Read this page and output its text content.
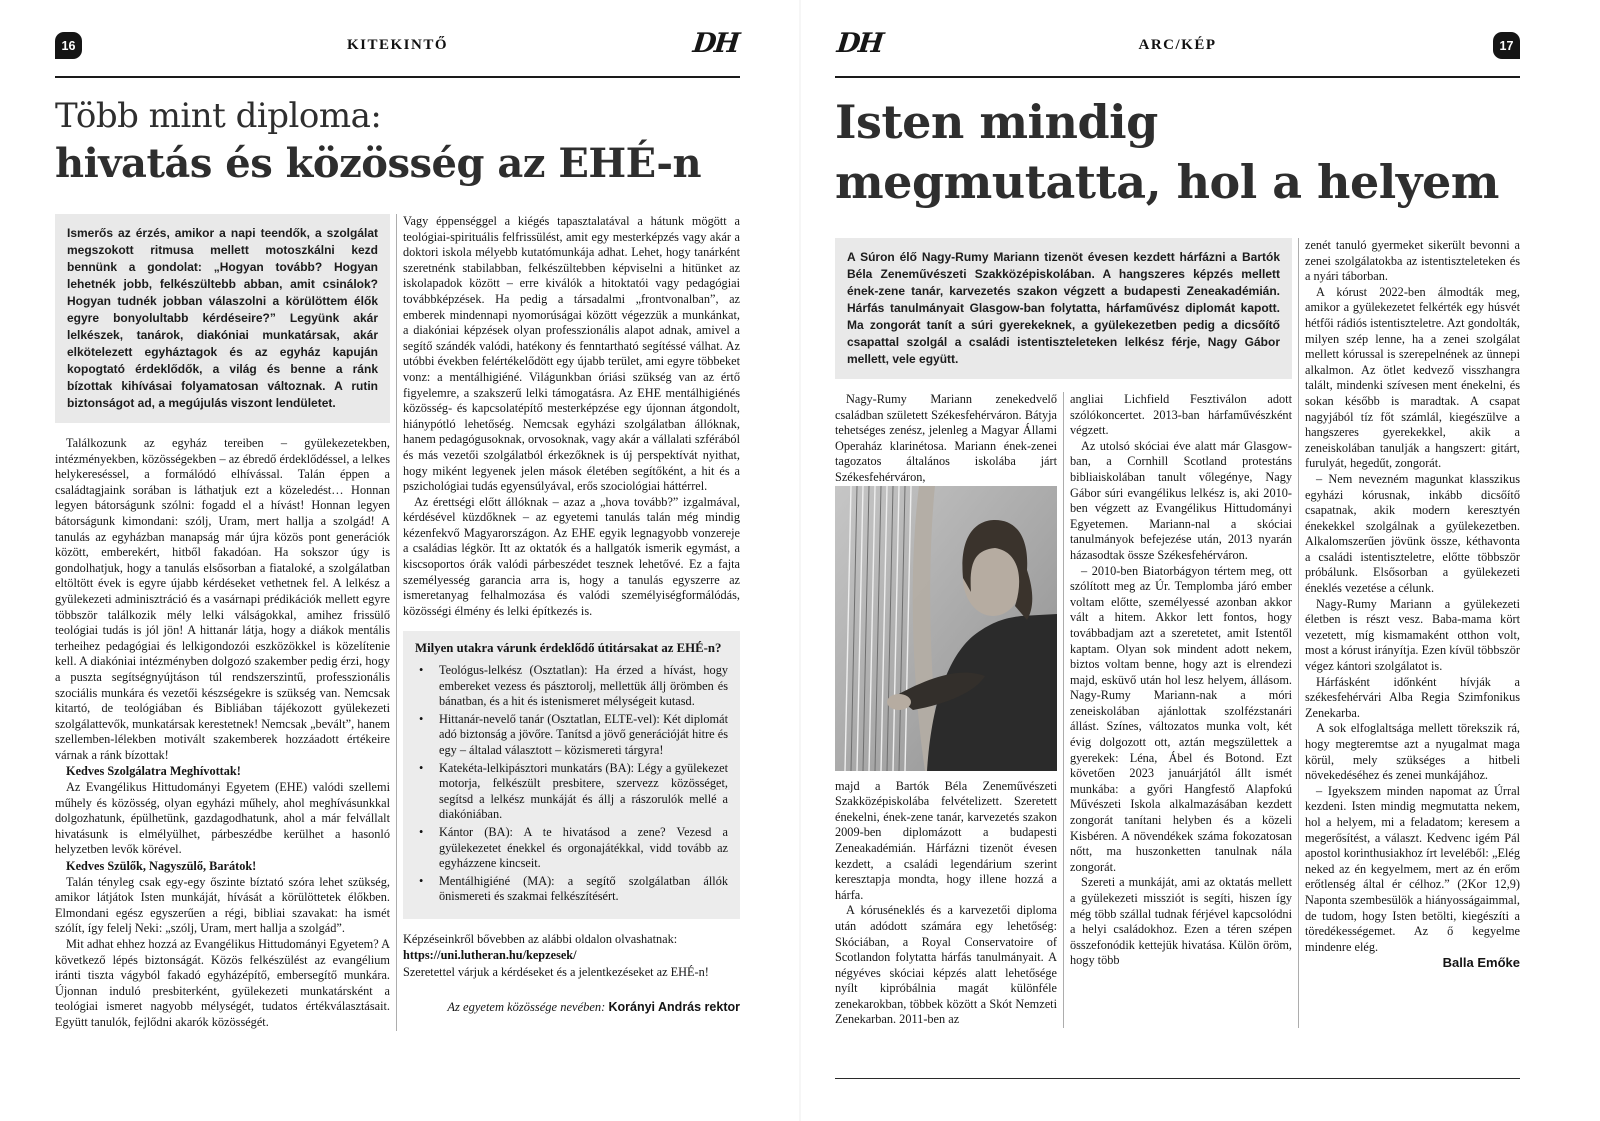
16	KITEKINTŐ	DH
Több mint diploma:
hivatás és közösség az EHÉ-n
Ismerős az érzés, amikor a napi teendők, a szolgálat megszokott ritmusa mellett motoszkálni kezd bennünk a gondolat: „Hogyan tovább? Hogyan lehetnék jobb, felkészültebb abban, amit csinálok? Hogyan tudnék jobban válaszolni a körülöttem élők egyre bonyolultabb kérdéseire?” Legyünk akár lelkészek, tanárok, diakóniai munkatársak, akár elkötelezett egyháztagok és az egyház kapuján kopogtató érdeklődők, a világ és benne a ránk bízottak kihívásai folyamatosan változnak. A rutin biztonságot ad, a megújulás viszont lendületet.

Találkozunk az egyház tereiben – gyülekezetekben, intézményekben, közösségekben – az ébredő érdeklődéssel, a lelkes helykereséssel, a formálódó elhívással. Talán éppen a családtagjaink sorában is láthatjuk ezt a közeledést… Honnan legyen bátorságunk szólni: fogadd el a hívást! Honnan legyen bátorságunk kimondani: szólj, Uram, mert hallja a szolgád! A tanulás az egyházban manapság már újra közös pont generációk között, emberekért, hitből fakadóan. Ha sokszor úgy is gondolhatjuk, hogy a tanulás elsősorban a fiataloké, a szolgálatban eltöltött évek is egyre újabb kérdéseket vethetnek fel. A lelkész a gyülekezeti adminisztráció és a vasárnapi prédikációk mellett egyre többször találkozik mély lelki válságokkal, amihez frissülő teológiai tudás is jól jön! A hittanár látja, hogy a diákok mentális terheihez pedagógiai és lelkigondozói eszközökkel is közelítenie kell. A diakóniai intézményben dolgozó szakember pedig érzi, hogy a puszta segítségnyújtáson túl rendszerszintű, professzionális szociális munkára és vezetői készségekre is szükség van. Nemcsak kitartó, de teológiában és Bibliában tájékozott gyülekezeti szolgálattevők, munkatársak kerestetnek! Nemcsak „bevált”, hanem szellemben-lélekben motivált szakemberek hozzáadott értékeire várnak a ránk bízottak!

Kedves Szolgálatra Meghívottak!

Az Evangélikus Hittudományi Egyetem (EHE) valódi szellemi műhely és közösség, olyan egyházi műhely, ahol meghívásunkkal dolgozhatunk, épülhetünk, gazdagodhatunk, ahol a már felvállalt hivatásunk is elmélyülhet, párbeszédbe kerülhet a hasonló helyzetben levők körével.

Kedves Szülők, Nagyszülő, Barátok!

Talán tényleg csak egy-egy őszinte bíztató szóra lehet szükség, amikor látjátok Isten munkáját, hívását a körülöttetek élőkben. Elmondani egész egyszerűen a régi, bibliai szavakat: ha ismét szólít, így felelj Neki: „szólj, Uram, mert hallja a szolgád”.

Mit adhat ehhez hozzá az Evangélikus Hittudományi Egyetem? A következő lépés biztonságát. Közös felkészülést az evangélium iránti tiszta vágyból fakadó egyházépítő, embersegítő munkára. Újonnan induló presbiterként, gyülekezeti munkatársként a teológiai ismeret nagyobb mélységét, tudatos értékválasztásait. Együtt tanulók, fejlődni akarók közösségét.

Vagy éppenséggel a kiégés tapasztalatával a hátunk mögött a teológiai-spirituális felfrissülést, amit egy mesterképzés vagy akár a doktori iskola mélyebb kutatómunkája adhat. Lehet, hogy tanárként szeretnénk stabilabban, felkészültebben képviselni a hitünket az iskolapadok között – erre kiválók a hitoktatói vagy pedagógiai továbbképzések. Ha pedig a társadalmi „frontvonalban”, az emberek mindennapi nyomorúságai között végezzük a munkánkat, a diakóniai képzések olyan professzionális alapot adnak, amivel a segítő szándék valódi, hatékony és fenntartható segítéssé válhat. Az utóbbi években felértékelődött egy újabb terület, ami egyre többeket vonz: a mentálhigiéné. Világunkban óriási szükség van az értő figyelemre, a szakszerű lelki támogatásra. Az EHE mentálhigiénés közösség- és kapcsolatépítő mesterképzése egy újonnan átgondolt, hiánypótló lehetőség. Nemcsak egyházi szolgálatban állóknak, hanem pedagógusoknak, orvosoknak, vagy akár a vállalati szférából és más vezetői szolgálatból érkezőknek is új perspektívát nyithat, hogy miként legyenek jelen mások életében segítőként, a hit és a pszichológiai tudás egyensúlyával, erős szociológiai háttérrel.

Az érettségi előtt állóknak – azaz a „hova tovább?” izgalmával, kérdésével küzdőknek – az egyetemi tanulás talán még mindig kézenfekvő Magyarországon. Az EHE egyik legnagyobb vonzereje a családias légkör. Itt az oktatók és a hallgatók ismerik egymást, a kiscsoportos órák valódi párbeszédet tesznek lehetővé. Ez a fajta személyesség garancia arra is, hogy a tanulás egyszerre az ismeretanyag felhalmozása és valódi személyiségformálódás, közösségi élmény és lelki építkezés is.

Milyen utakra várunk érdeklődő útitársakat az EHÉ-n?
• Teológus-lelkész (Osztatlan): Ha érzed a hívást, hogy embereket vezess és pásztorolj, mellettük állj örömben és bánatban, és a hit és istenismeret mélységeit kutasd.
• Hittanár-nevelő tanár (Osztatlan, ELTE-vel): Két diplomát adó biztonság a jövőre. Tanítsd a jövő generációját hitre és egy – általad választott – közismereti tárgyra!
• Katekéta-lelkipásztori munkatárs (BA): Légy a gyülekezet motorja, felkészült presbitere, szervezz közösséget, segítsd a lelkész munkáját és állj a rászorulók mellé a diakóniában.
• Kántor (BA): A te hivatásod a zene? Vezesd a gyülekezetet énekkel és orgonajátékkal, vidd tovább az egyházzene kincseit.
• Mentálhigiéné (MA): a segítő szolgálatban állók önismereti és szakmai felkészítésért.

Képzéseinkről bővebben az alábbi oldalon olvashatnak:

https://uni.lutheran.hu/kepzesek/

Szeretettel várjuk a kérdéseket és a jelentkezéseket az EHÉ-n!

Az egyetem közössége nevében: Korányi András rektor

DH	ARC/KÉP	17
Isten mindig
megmutatta, hol a helyem
A Súron élő Nagy-Rumy Mariann tizenöt évesen kezdett hárfázni a Bartók Béla Zeneművészeti Szakközépiskolában. A hangszeres képzés mellett ének-zene tanár, karvezetés szakon végzett a budapesti Zeneakadémián. Hárfás tanulmányait Glasgow-ban folytatta, hárfaművész diplomát kapott. Ma zongorát tanít a súri gyerekeknek, a gyülekezetben pedig a dicsőítő csapattal szolgál a családi istentiszteleteken lelkész férje, Nagy Gábor mellett, vele együtt.

Nagy-Rumy Mariann zenekedvelő családban született Székesfehérváron. Bátyja tehetséges zenész, jelenleg a Magyar Állami Operaház klarinétosa. Mariann ének-zenei tagozatos általános iskolába járt Székesfehérváron,

majd a Bartók Béla Zeneművészeti Szakközépiskolába felvételizett. Szeretett énekelni, ének-zene tanár, karvezetés szakon 2009-ben diplomázott a budapesti Zeneakadémián. Hárfázni tizenöt évesen kezdett, a családi legendárium szerint keresztapja mondta, hogy illene hozzá a hárfa.

A kóruséneklés és a karvezetői diploma után adódott számára egy lehetőség: Skóciában, a Royal Conservatoire of Scotlandon folytatta hárfás tanulmányait. A négyéves skóciai képzés alatt lehetősége nyílt kipróbálnia magát különféle zenekarokban, többek között a Skót Nemzeti Zenekarban. 2011-ben az

angliai Lichfield Fesztiválon adott szólókoncertet. 2013-ban hárfaművészként végzett.

Az utolsó skóciai éve alatt már Glasgow-ban, a Cornhill Scotland protestáns bibliaiskolában tanult vőlegénye, Nagy Gábor súri evangélikus lelkész is, aki 2010-ben végzett az Evangélikus Hittudományi Egyetemen. Mariann-nal a skóciai tanulmányok befejezése után, 2013 nyarán házasodtak össze Székesfehérváron.

– 2010-ben Biatorbágyon tértem meg, ott szólított meg az Úr. Templomba járó ember voltam előtte, személyessé azonban akkor vált a hitem. Akkor lett fontos, hogy továbbadjam azt a szeretetet, amit Istentől kaptam. Olyan sok mindent adott nekem, biztos voltam benne, hogy azt is elrendezi majd, esküvő után hol lesz helyem, állásom. Nagy-Rumy Mariann-nak a móri zeneiskolában ajánlottak szolfézstanári állást. Színes, változatos munka volt, két évig dolgozott ott, aztán megszülettek a gyerekek: Léna, Ábel és Botond. Ezt követően 2023 januárjától állt ismét munkába: a győri Hangfestő Alapfokú Művészeti Iskola alkalmazásában kezdett zongorát tanítani helyben és a közeli Kisbéren. A növendékek száma fokozatosan nőtt, ma huszonketten tanulnak nála zongorát.

Szereti a munkáját, ami az oktatás mellett a gyülekezeti missziót is segíti, hiszen így még több szállal tudnak férjével kapcsolódni a helyi családokhoz. Ezen a téren szépen összefonódik kettejük hivatása. Külön öröm, hogy több

zenét tanuló gyermeket sikerült bevonni a zenei szolgálatokba az istentiszteleteken és a nyári táborban.

A kórust 2022-ben álmodták meg, amikor a gyülekezetet felkérték egy húsvét hétfői rádiós istentiszteletre. Azt gondolták, milyen szép lenne, ha a zenei szolgálat mellett kórussal is szerepelnének az ünnepi alkalmon. Az ötlet kedvező visszhangra talált, mindenki szívesen ment énekelni, és sokan később is maradtak. A csapat nagyjából tíz főt számlál, kiegészülve a hangszeres gyerekekkel, akik a zeneiskolában tanulják a hangszert: gitárt, furulyát, hegedűt, zongorát.

– Nem nevezném magunkat klasszikus egyházi kórusnak, inkább dicsőítő csapatnak, akik modern keresztyén énekekkel szolgálnak a gyülekezetben. Alkalomszerűen jövünk össze, kéthavonta a családi istentiszteletre, előtte többször próbálunk. Elsősorban a gyülekezeti éneklés vezetése a célunk.

Nagy-Rumy Mariann a gyülekezeti életben is részt vesz. Baba-mama kört vezetett, míg kismamaként otthon volt, most a kórust irányítja. Ezen kívül többször végez kántori szolgálatot is.

Hárfásként időnként hívják a székesfehérvári Alba Regia Szimfonikus Zenekarba.

A sok elfoglaltsága mellett törekszik rá, hogy megteremtse azt a nyugalmat maga körül, mely szükséges a hitbeli növekedéséhez és zenei munkájához.

– Igyekszem minden napomat az Úrral kezdeni. Isten mindig megmutatta nekem, hol a helyem, mi a feladatom; keresem a megerősítést, a választ. Kedvenc igém Pál apostol korinthusiakhoz írt leveléből: „Elég neked az én kegyelmem, mert az én erőm erőtlenség által ér célhoz.” (2Kor 12,9) Naponta szembesülök a hiányosságaimmal, de tudom, hogy Isten betölti, kiegészíti a töredékességemet. Az ő kegyelme mindenre elég.

Balla Emőke
